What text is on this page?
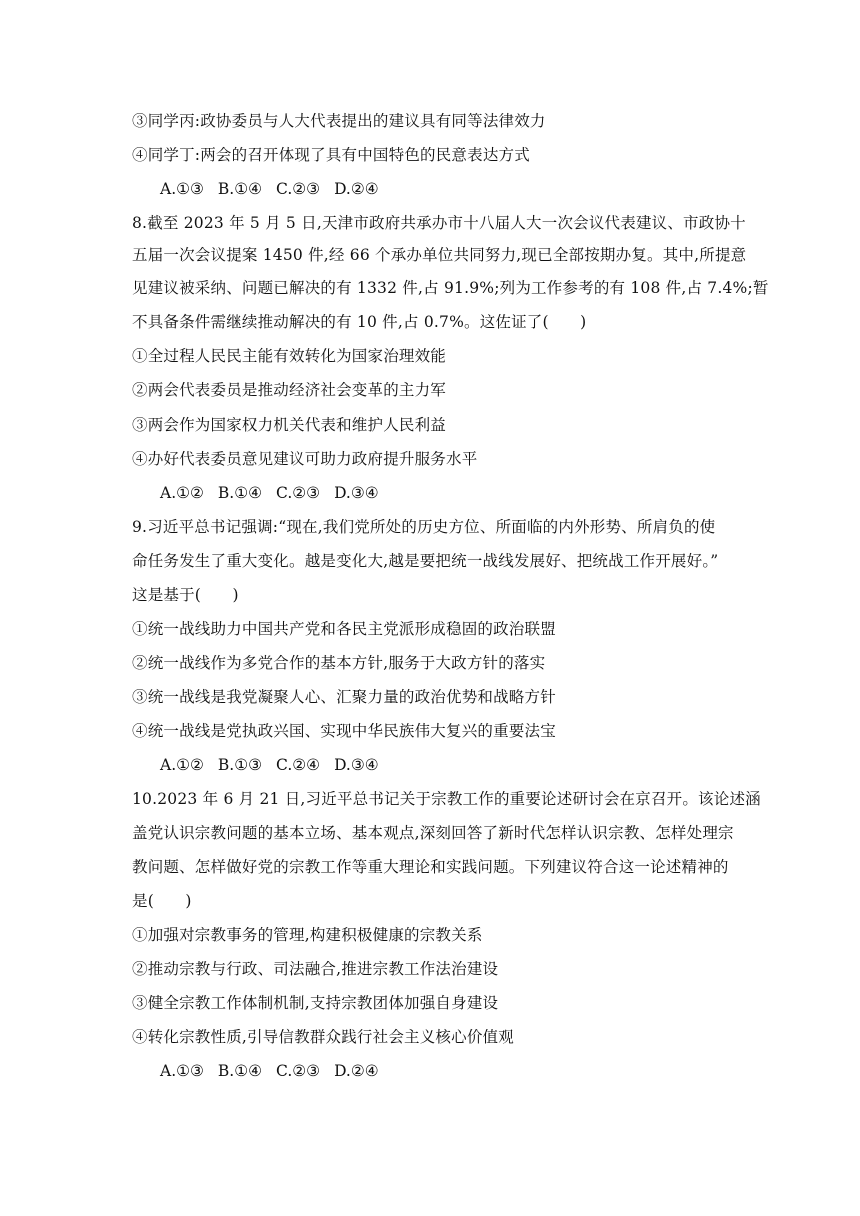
③同学丙:政协委员与人大代表提出的建议具有同等法律效力
④同学丁:两会的召开体现了具有中国特色的民意表达方式
A.①③ B.①④ C.②③ D.②④
8.截至 2023 年 5 月 5 日,天津市政府共承办市十八届人大一次会议代表建议、市政协十
五届一次会议提案 1450 件,经 66 个承办单位共同努力,现已全部按期办复。其中,所提意
见建议被采纳、问题已解决的有 1332 件,占 91.9%;列为工作参考的有 108 件,占 7.4%;暂
不具备条件需继续推动解决的有 10 件,占 0.7%。这佐证了(　　)
①全过程人民民主能有效转化为国家治理效能
②两会代表委员是推动经济社会变革的主力军
③两会作为国家权力机关代表和维护人民利益
④办好代表委员意见建议可助力政府提升服务水平
A.①② B.①④ C.②③ D.③④
9.习近平总书记强调:“现在,我们党所处的历史方位、所面临的内外形势、所肩负的使
命任务发生了重大变化。越是变化大,越是要把统一战线发展好、把统战工作开展好。”
这是基于(　　)
①统一战线助力中国共产党和各民主党派形成稳固的政治联盟
②统一战线作为多党合作的基本方针,服务于大政方针的落实
③统一战线是我党凝聚人心、汇聚力量的政治优势和战略方针
④统一战线是党执政兴国、实现中华民族伟大复兴的重要法宝
A.①② B.①③ C.②④ D.③④
10.2023 年 6 月 21 日,习近平总书记关于宗教工作的重要论述研讨会在京召开。该论述涵
盖党认识宗教问题的基本立场、基本观点,深刻回答了新时代怎样认识宗教、怎样处理宗
教问题、怎样做好党的宗教工作等重大理论和实践问题。下列建议符合这一论述精神的
是(　　)
①加强对宗教事务的管理,构建积极健康的宗教关系
②推动宗教与行政、司法融合,推进宗教工作法治建设
③健全宗教工作体制机制,支持宗教团体加强自身建设
④转化宗教性质,引导信教群众践行社会主义核心价值观
A.①③ B.①④ C.②③ D.②④
